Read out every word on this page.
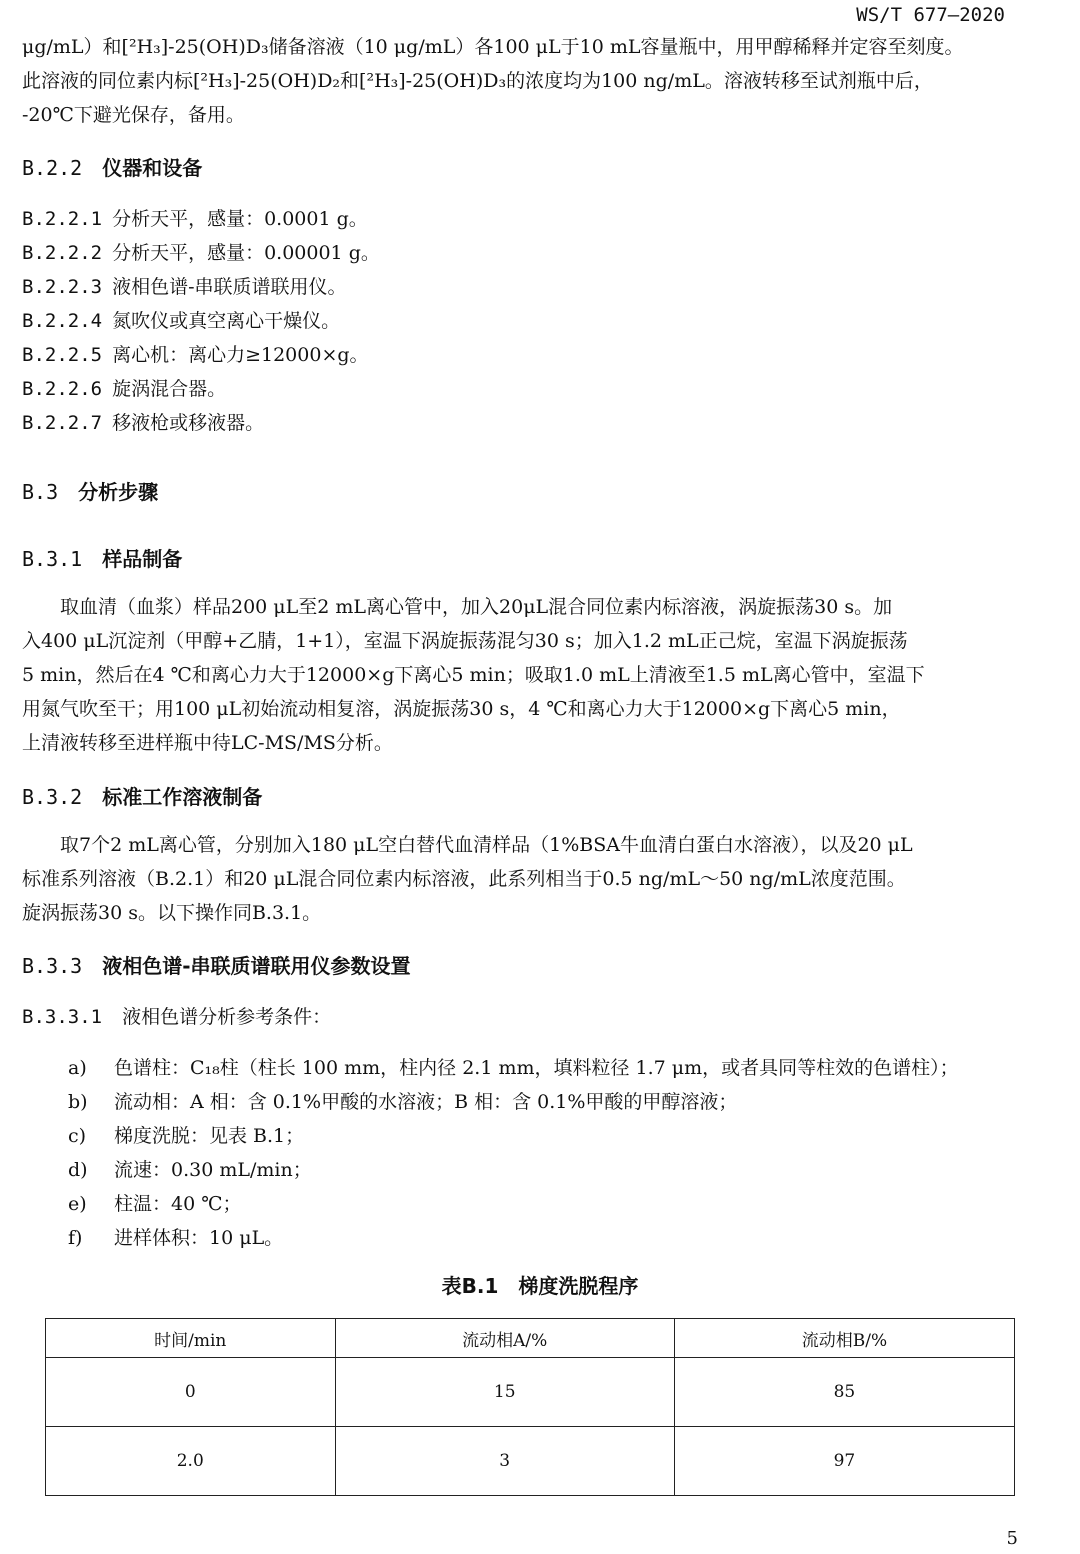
WS/T 677—2020
μg/mL）和[²H₃]-25(OH)D₃储备溶液（10 μg/mL）各100 μL于10 mL容量瓶中，用甲醇稀释并定容至刻度。
此溶液的同位素内标[²H₃]-25(OH)D₂和[²H₃]-25(OH)D₃的浓度均为100 ng/mL。溶液转移至试剂瓶中后，
-20℃下避光保存，备用。
B.2.2 仪器和设备
B.2.2.1 分析天平，感量：0.0001 g。
B.2.2.2 分析天平，感量：0.00001 g。
B.2.2.3 液相色谱-串联质谱联用仪。
B.2.2.4 氮吹仪或真空离心干燥仪。
B.2.2.5 离心机：离心力≥12000×g。
B.2.2.6 旋涡混合器。
B.2.2.7 移液枪或移液器。
B.3 分析步骤
B.3.1 样品制备
　　取血清（血浆）样品200 μL至2 mL离心管中，加入20μL混合同位素内标溶液，涡旋振荡30 s。加
入400 μL沉淀剂（甲醇+乙腈，1+1），室温下涡旋振荡混匀30 s；加入1.2 mL正己烷，室温下涡旋振荡
5 min，然后在4 ℃和离心力大于12000×g下离心5 min；吸取1.0 mL上清液至1.5 mL离心管中，室温下
用氮气吹至干；用100 μL初始流动相复溶，涡旋振荡30 s，4 ℃和离心力大于12000×g下离心5 min，
上清液转移至进样瓶中待LC-MS/MS分析。
B.3.2 标准工作溶液制备
　　取7个2 mL离心管，分别加入180 μL空白替代血清样品（1%BSA牛血清白蛋白水溶液），以及20 μL
标准系列溶液（B.2.1）和20 μL混合同位素内标溶液，此系列相当于0.5 ng/mL～50 ng/mL浓度范围。
旋涡振荡30 s。以下操作同B.3.1。
B.3.3 液相色谱-串联质谱联用仪参数设置
B.3.3.1 液相色谱分析参考条件：
a) 色谱柱：C₁₈柱（柱长 100 mm，柱内径 2.1 mm，填料粒径 1.7 μm，或者具同等柱效的色谱柱）；
b) 流动相：A 相：含 0.1%甲酸的水溶液；B 相：含 0.1%甲酸的甲醇溶液；
c) 梯度洗脱：见表 B.1；
d) 流速：0.30 mL/min；
e) 柱温：40 ℃；
f) 进样体积：10 μL。
表B.1　梯度洗脱程序
时间/min	流动相A/%	流动相B/%
0	15	85
2.0	3	97
5
